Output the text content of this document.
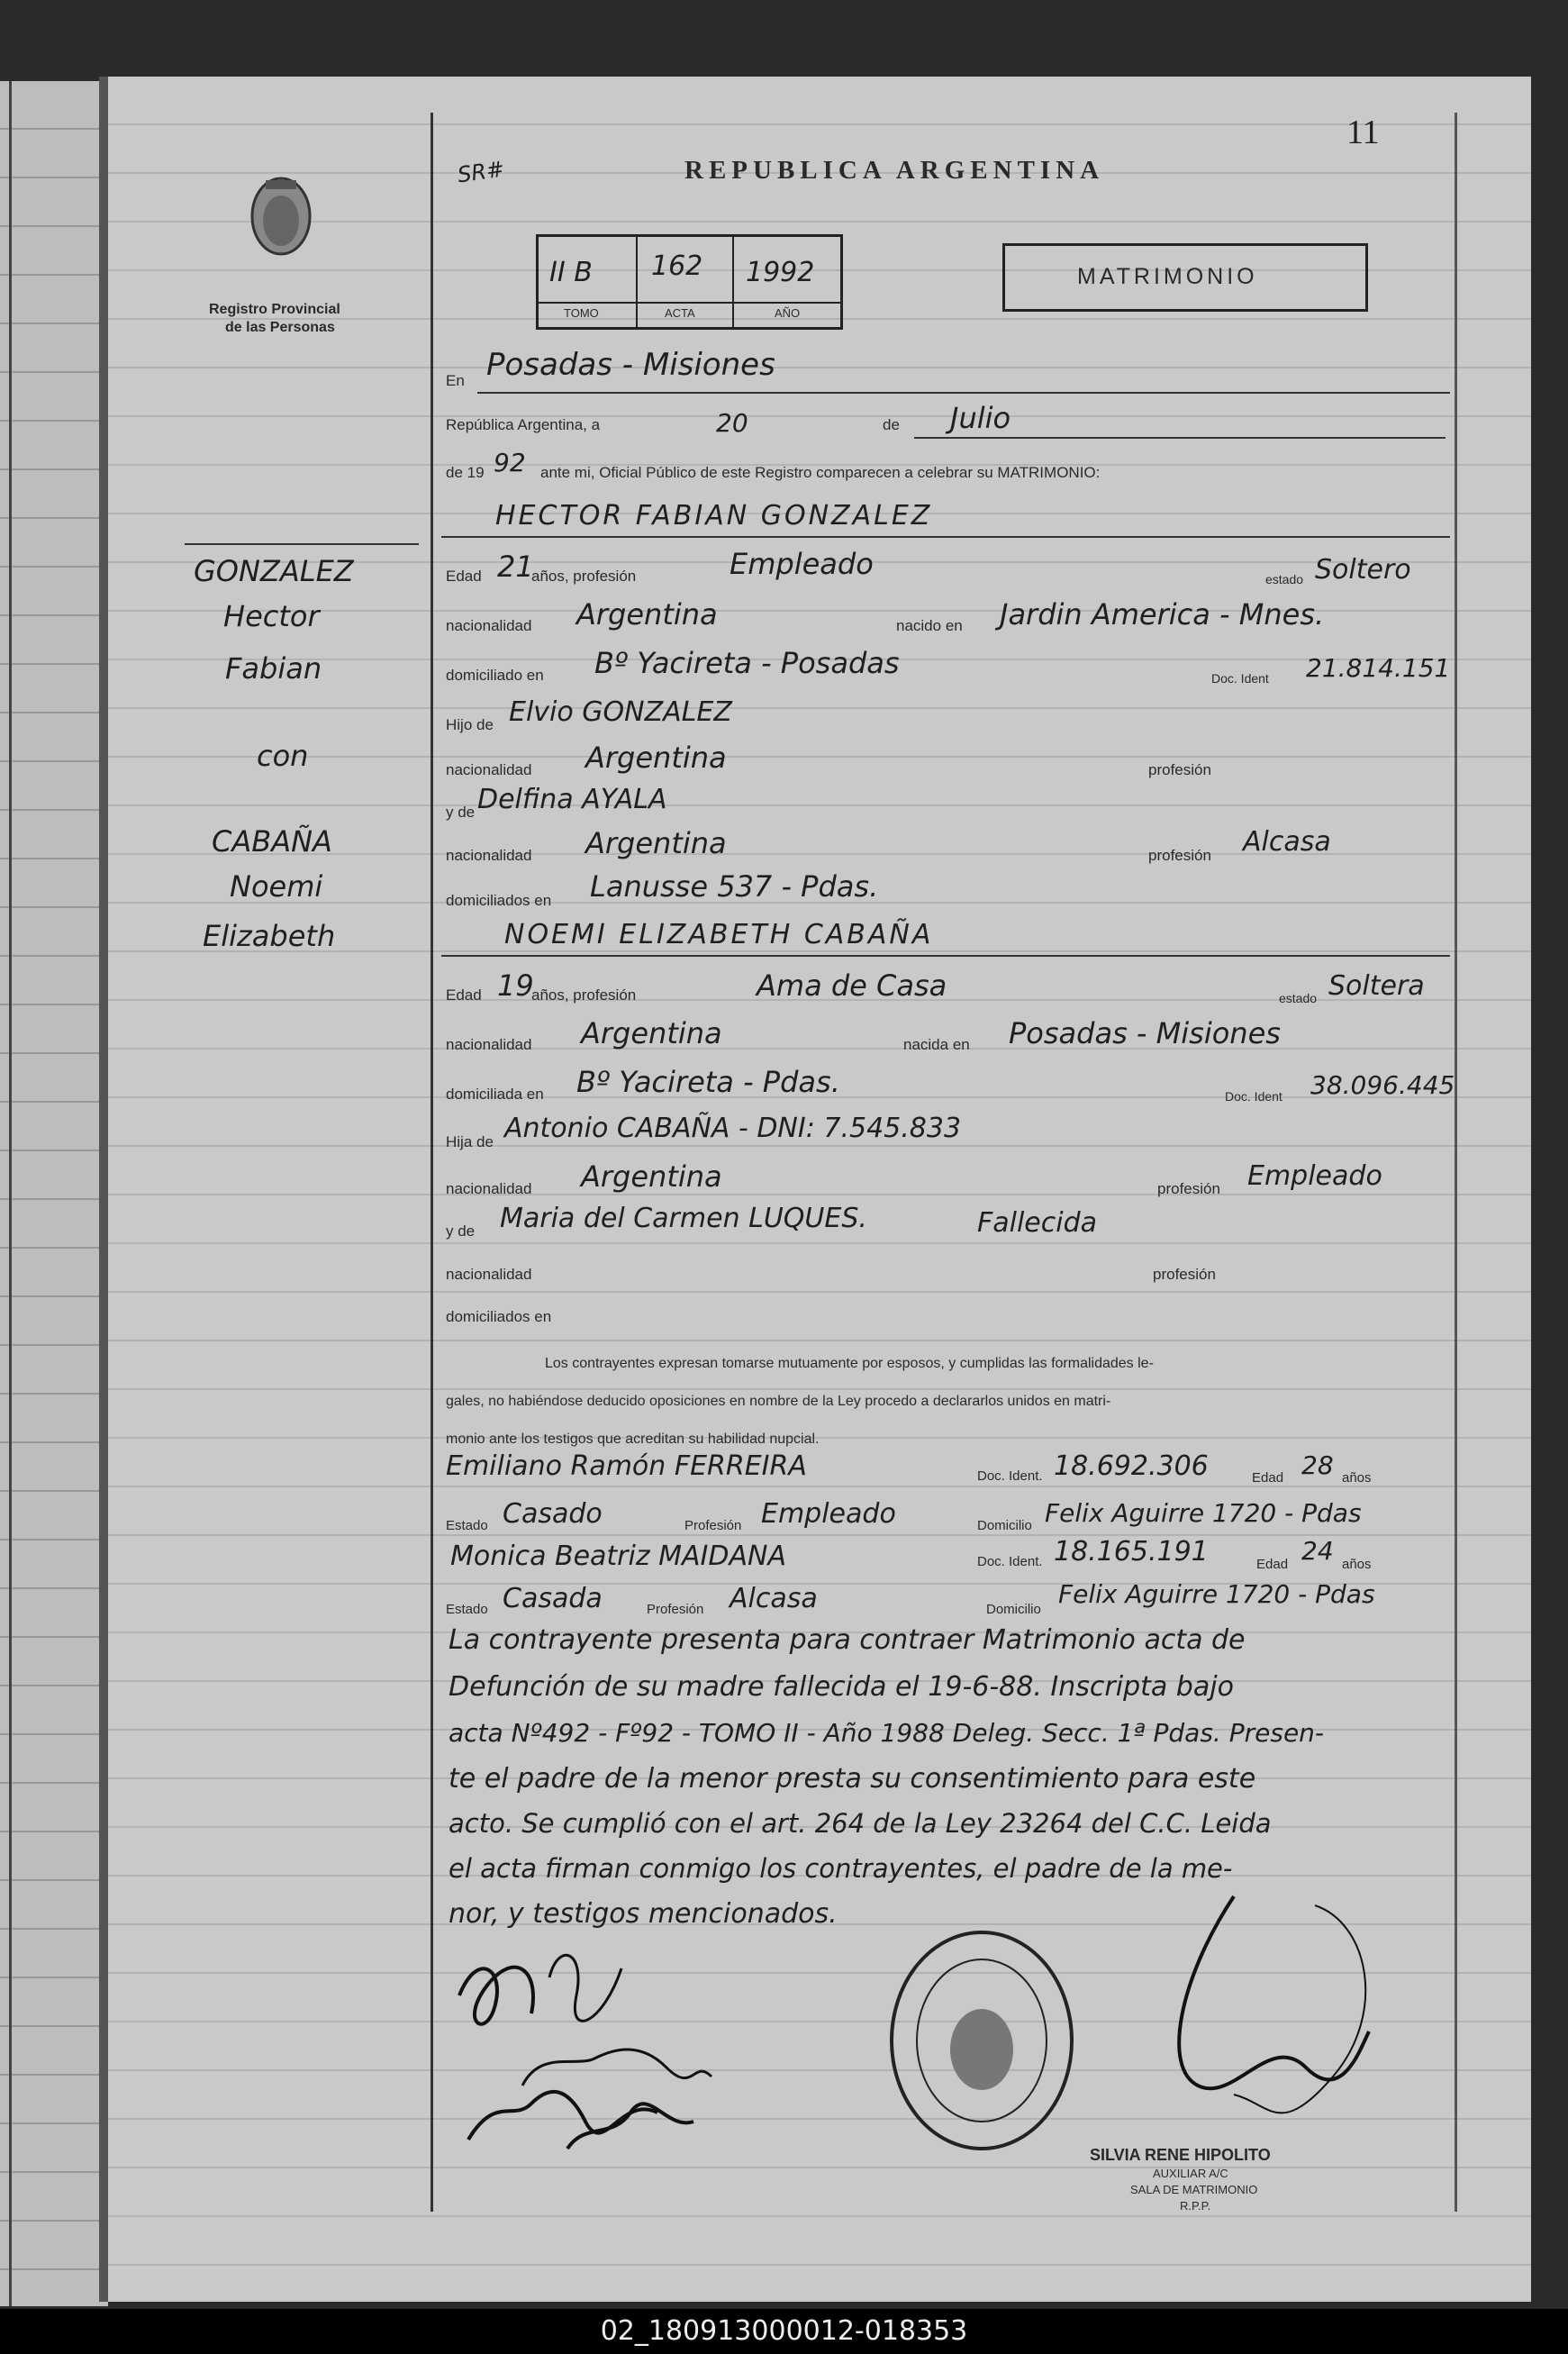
11
SR#
Registro Provincial
de las Personas
REPUBLICA ARGENTINA
II B 162 1992
TOMO	ACTA	AÑO
MATRIMONIO
GONZALEZ
Hector
Fabian
con
CABAÑA
Noemi
Elizabeth
En Posadas - Misiones
República Argentina, a	20	de Julio
de 19 92 ante mi, Oficial Público de este Registro comparecen a celebrar su MATRIMONIO:
HECTOR FABIAN GONZALEZ
Edad 21
años, profesión	Empleado	estado Soltero
nacionalidad Argentina	nacido en Jardin America - Mnes.
domiciliado en Bº Yacireta - Posadas	Doc. Ident 21.814.151
Hijo de Elvio GONZALEZ
nacionalidad Argentina	profesión
y de Delfina AYALA
nacionalidad Argentina	profesión Alcasa
domiciliados en Lanusse 537 - Pdas.
NOEMI ELIZABETH CABAÑA
Edad 19
años, profesión	Ama de Casa	estado Soltera
nacionalidad Argentina	nacida en Posadas - Misiones
domiciliada en Bº Yacireta - Pdas.	Doc. Ident 38.096.445
Hija de Antonio CABAÑA - DNI: 7.545.833
nacionalidad Argentina	profesión Empleado
y de Maria del Carmen LUQUES.	Fallecida
nacionalidad	profesión
domiciliados en
Los contrayentes expresan tomarse mutuamente por esposos, y cumplidas las formalidades le-
gales, no habiéndose deducido oposiciones en nombre de la Ley procedo a declararlos unidos en matri-
monio ante los testigos que acreditan su habilidad nupcial.
Emiliano Ramón FERREIRA	Doc. Ident. 18.692.306	Edad 28 años
Estado Casado	Profesión Empleado	Domicilio Felix Aguirre 1720 - Pdas
Monica Beatriz MAIDANA	Doc. Ident. 18.165.191	Edad 24 años
Estado Casada	Profesión Alcasa	Domicilio
Felix Aguirre 1720 - Pdas
La contrayente presenta para contraer Matrimonio acta de
Defunción de su madre fallecida el 19-6-88. Inscripta bajo
acta Nº492 - Fº92 - TOMO II - Año 1988 Deleg. Secc. 1ª Pdas. Presen-
te el padre de la menor presta su consentimiento para este
acto. Se cumplió con el art. 264 de la Ley 23264 del C.C. Leida
el acta firman conmigo los contrayentes, el padre de la me-
nor, y testigos mencionados.
SILVIA RENE HIPOLITO
AUXILIAR A/C
SALA DE MATRIMONIO
R.P.P.
02_180913000012-018353
